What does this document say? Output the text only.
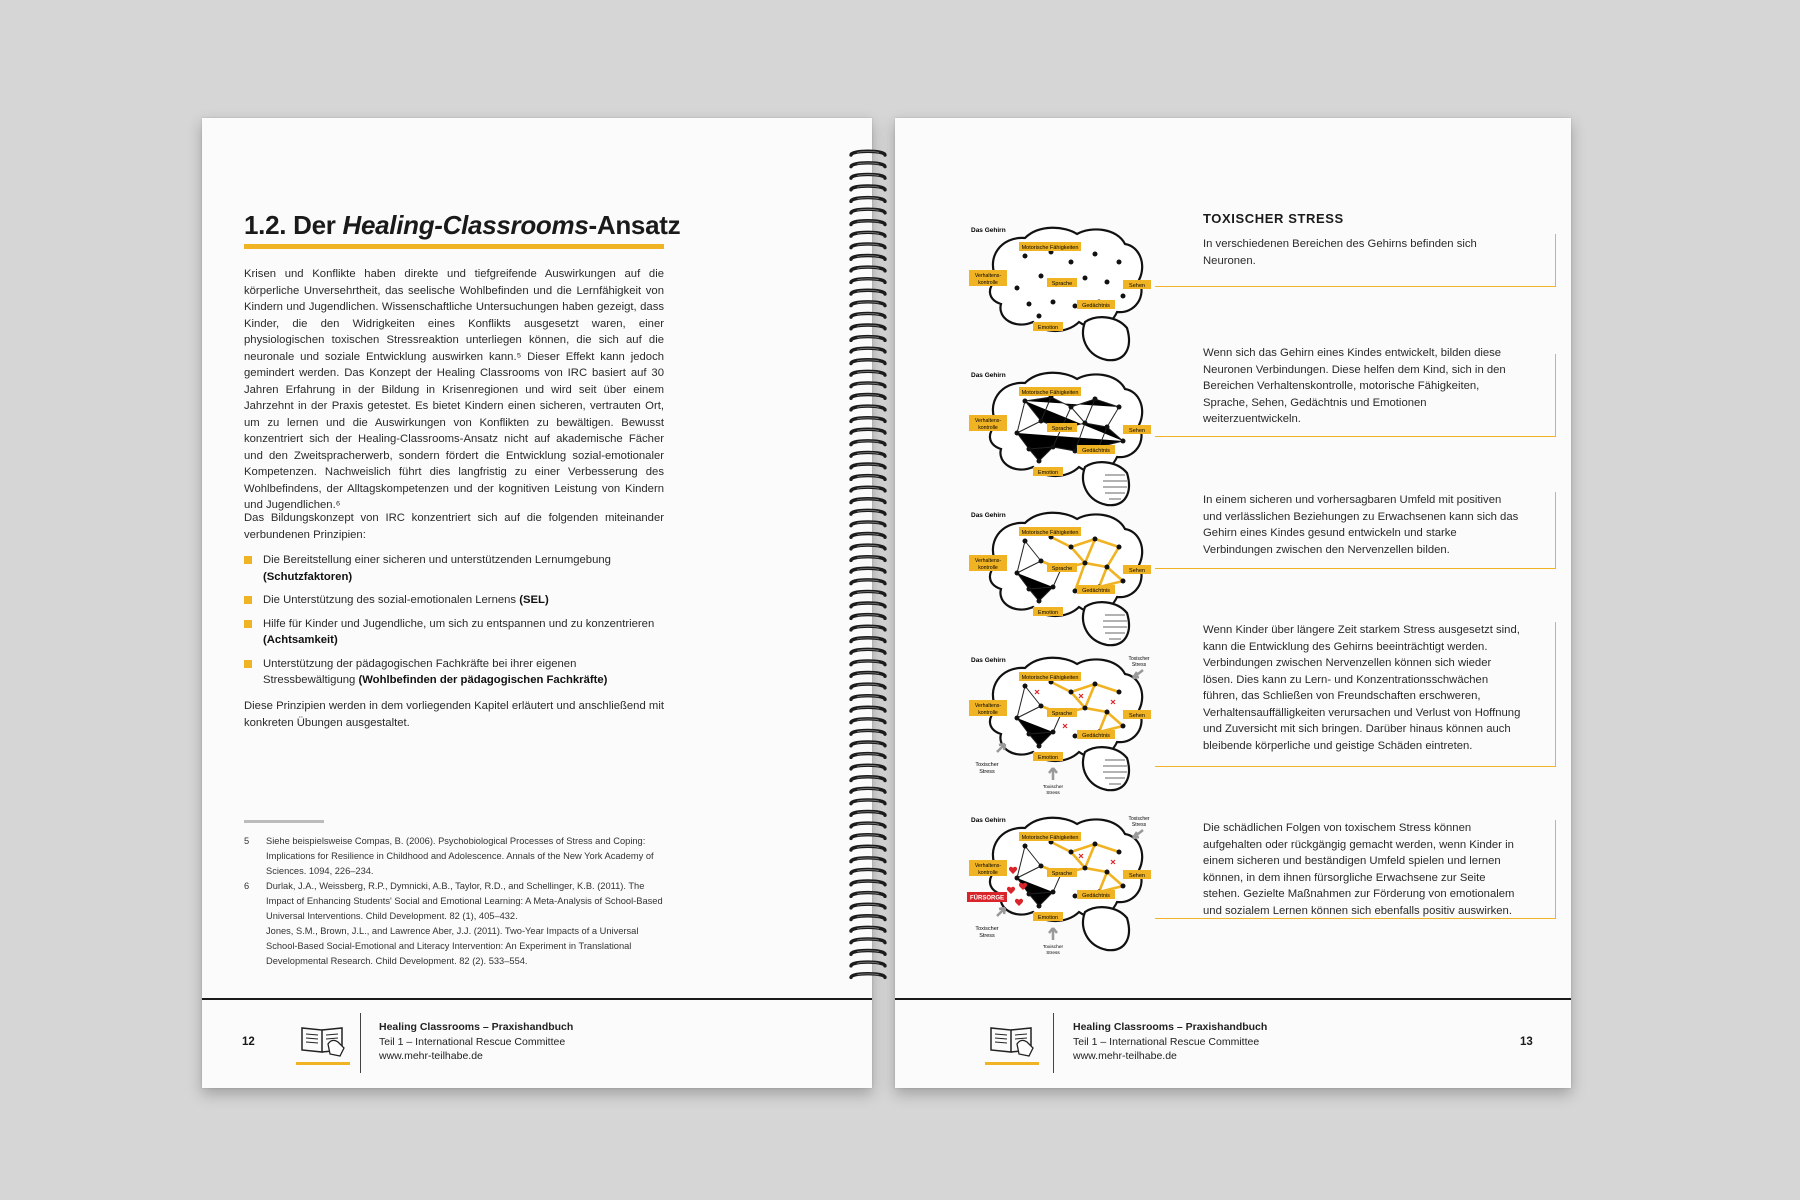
1.2. Der Healing-Classrooms-Ansatz

Krisen und Konflikte haben direkte und tiefgreifende Auswirkungen auf die körperliche Unversehrtheit, das seelische Wohlbefinden und die Lernfähigkeit von Kindern und Jugendlichen. Wissenschaftliche Untersuchungen haben gezeigt, dass Kinder, die den Widrigkeiten eines Konflikts ausgesetzt waren, einer physiologischen toxischen Stressreaktion unterliegen können, die sich auf die neuronale und soziale Entwicklung auswirken kann.⁵ Dieser Effekt kann jedoch gemindert werden. Das Konzept der Healing Classrooms von IRC basiert auf 30 Jahren Erfahrung in der Bildung in Krisenregionen und wird seit über einem Jahrzehnt in der Praxis getestet. Es bietet Kindern einen sicheren, vertrauten Ort, um zu lernen und die Auswirkungen von Konflikten zu bewältigen. Bewusst konzentriert sich der Healing-Classrooms-Ansatz nicht auf akademische Fächer und den Zweitspracherwerb, sondern fördert die Entwicklung sozial-emotionaler Kompetenzen. Nachweislich führt dies langfristig zu einer Verbesserung des Wohlbefindens, der Alltagskompetenzen und der kognitiven Leistung von Kindern und Jugendlichen.⁶

Das Bildungskonzept von IRC konzentriert sich auf die folgenden miteinander verbundenen Prinzipien:

Die Bereitstellung einer sicheren und unterstützenden Lernumgebung (Schutzfaktoren)
Die Unterstützung des sozial-emotionalen Lernens (SEL)
Hilfe für Kinder und Jugendliche, um sich zu entspannen und zu konzentrieren (Achtsamkeit)
Unterstützung der pädagogischen Fachkräfte bei ihrer eigenen Stressbewältigung (Wohlbefinden der pädagogischen Fachkräfte)

Diese Prinzipien werden in dem vorliegenden Kapitel erläutert und anschließend mit konkreten Übungen ausgestaltet.

5 Siehe beispielsweise Compas, B. (2006). Psychobiological Processes of Stress and Coping: Implications for Resilience in Childhood and Adolescence. Annals of the New York Academy of Sciences. 1094, 226–234.
6 Durlak, J.A., Weissberg, R.P., Dymnicki, A.B., Taylor, R.D., and Schellinger, K.B. (2011). The Impact of Enhancing Students' Social and Emotional Learning: A Meta-Analysis of School-Based Universal Interventions. Child Development. 82 (1), 405–432.
Jones, S.M., Brown, J.L., and Lawrence Aber, J.J. (2011). Two-Year Impacts of a Universal School-Based Social-Emotional and Literacy Intervention: An Experiment in Translational Developmental Research. Child Development. 82 (2). 533–554.
12
Healing Classrooms – Praxishandbuch
Teil 1 – International Rescue Committee
www.mehr-teilhabe.de
TOXISCHER STRESS
Das Gehirn
Motorische Fähigkeiten
Verhaltens-
kontrolle	Sprache	Sehen
Gedächtnis
Emotion

In verschiedenen Bereichen des Gehirns befinden sich Neuronen.

Das Gehirn
Motorische Fähigkeiten
Verhaltens-
kontrolle	Sprache	Sehen
Gedächtnis
Emotion

Wenn sich das Gehirn eines Kindes entwickelt, bilden diese Neuronen Verbindungen. Diese helfen dem Kind, sich in den Bereichen Verhaltenskontrolle, motorische Fähigkeiten, Sprache, Sehen, Gedächtnis und Emotionen weiterzuentwickeln.

Das Gehirn
Motorische Fähigkeiten
Verhaltens-
kontrolle	Sprache	Sehen
Gedächtnis
Emotion

In einem sicheren und vorhersagbaren Umfeld mit positiven und verlässlichen Beziehungen zu Erwachsenen kann sich das Gehirn eines Kindes gesund entwickeln und starke Verbindungen zwischen den Nervenzellen bilden.

Das Gehirn
Motorische Fähigkeiten
Verhaltens-
kontrolle	Sprache	Sehen
Gedächtnis
Emotion
Toxischer
Stress
Toxischer
Stress
Toxischer
Stress

Wenn Kinder über längere Zeit starkem Stress ausgesetzt sind, kann die Entwicklung des Gehirns beeinträchtigt werden. Verbindungen zwischen Nervenzellen können sich wieder lösen. Dies kann zu Lern- und Konzentrationsschwächen führen, das Schließen von Freundschaften erschweren, Verhaltensauffälligkeiten verursachen und Verlust von Hoffnung und Zuversicht mit sich bringen. Darüber hinaus können auch bleibende körperliche und geistige Schäden eintreten.

Das Gehirn
Motorische Fähigkeiten
Verhaltens-
kontrolle	Sprache	Sehen
Gedächtnis
Emotion
FÜRSORGE
Toxischer
Stress
Toxischer
Stress
Toxischer
Stress

Die schädlichen Folgen von toxischem Stress können aufgehalten oder rückgängig gemacht werden, wenn Kinder in einem sicheren und beständigen Umfeld spielen und lernen können, in dem ihnen fürsorgliche Erwachsene zur Seite stehen. Gezielte Maßnahmen zur Förderung von emotionalem und sozialem Lernen können sich ebenfalls positiv auswirken.

Healing Classrooms – Praxishandbuch
Teil 1 – International Rescue Committee
www.mehr-teilhabe.de
13
